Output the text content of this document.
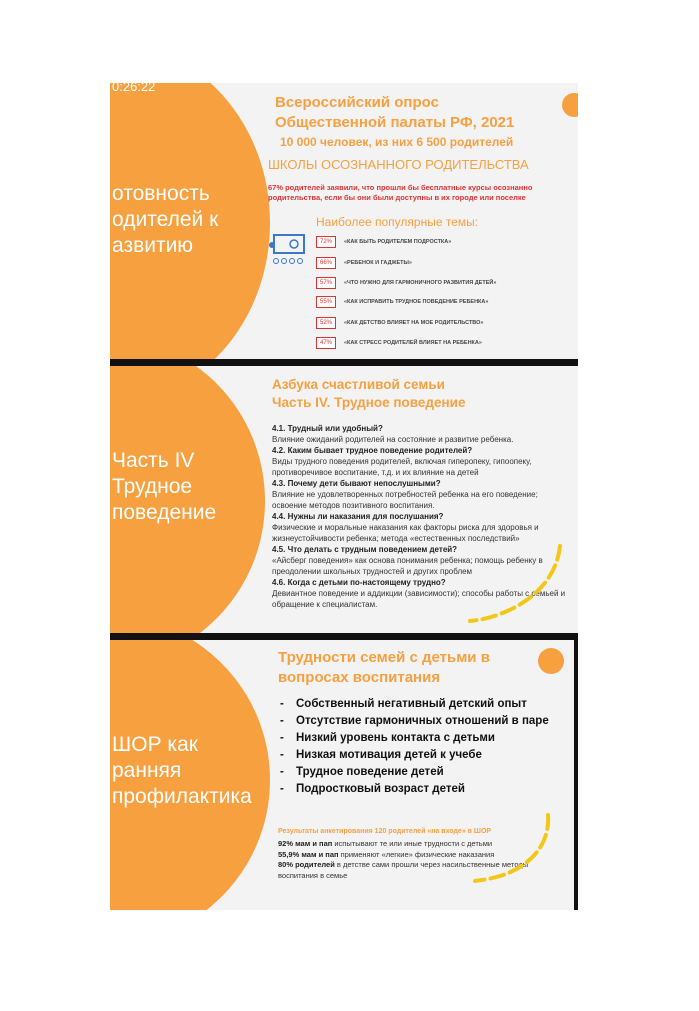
0:26:22
отовность
одителей к
азвитию
Всероссийский опрос
Общественной палаты РФ, 2021
10 000 человек, из них 6 500 родителей
ШКОЛЫ ОСОЗНАННОГО РОДИТЕЛЬСТВА
67% родителей заявили, что прошли бы бесплатные курсы осознанно родительства, если бы они были доступны в их городе или поселке
Наиболее популярные темы:
72%	«КАК БЫТЬ РОДИТЕЛЕМ ПОДРОСТКА»
66%	«РЕБЕНОК И ГАДЖЕТЫ»
57%	«ЧТО НУЖНО ДЛЯ ГАРМОНИЧНОГО РАЗВИТИЯ ДЕТЕЙ»
55%	«КАК ИСПРАВИТЬ ТРУДНОЕ ПОВЕДЕНИЕ РЕБЕНКА»
52%	«КАК ДЕТСТВО ВЛИЯЕТ НА МОЕ РОДИТЕЛЬСТВО»
47%	«КАК СТРЕСС РОДИТЕЛЕЙ ВЛИЯЕТ НА РЕБЕНКА»
Часть IV
Трудное
поведение
Азбука счастливой семьи
Часть IV. Трудное поведение
4.1. Трудный или удобный?
Влияние ожиданий родителей на состояние и развитие ребенка.
4.2. Каким бывает трудное поведение родителей?
Виды трудного поведения родителей, включая гиперопеку, гипоопеку, противоречивое воспитание, т.д. и их влияние на детей
4.3. Почему дети бывают непослушными?
Влияние не удовлетворенных потребностей ребенка на его поведение; освоение методов позитивного воспитания.
4.4. Нужны ли наказания для послушания?
Физические и моральные наказания как факторы риска для здоровья и жизнеустойчивости ребенка; метода «естественных последствий»
4.5. Что делать с трудным поведением детей?
«Айсберг поведения» как основа понимания ребенка; помощь ребенку в преодолении школьных трудностей и других проблем
4.6. Когда с детьми по-настоящему трудно?
Девиантное поведение и аддикции (зависимости); способы работы с семьей и обращение к специалистам.
ШОР как
ранняя
профилактика
Трудности семей с детьми в
вопросах воспитания
- Собственный негативный детский опыт
- Отсутствие гармоничных отношений в паре
- Низкий уровень контакта с детьми
- Низкая мотивация детей к учебе
- Трудное поведение детей
- Подростковый возраст детей
Результаты анкетирования 120 родителей «на входе» в ШОР
92% мам и пап испытывают те или иные трудности с детьми
55,9% мам и пап применяют «легкие» физические наказания
80% родителей в детстве сами прошли через насильственные методы воспитания в семье
